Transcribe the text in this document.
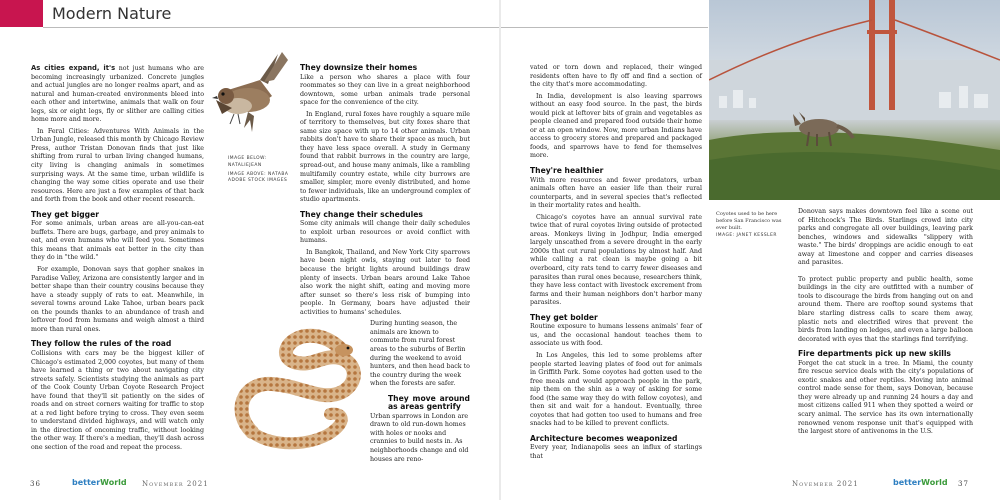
Modern Nature
IMAGE BELOW: NATALIEJEAN
IMAGE ABOVE: NATABA ADOBE STOCK IMAGES

As cities expand, it's not just humans who are becoming increasingly urbanized. Concrete jungles and actual jungles are no longer realms apart, and as natural and human-created environments bleed into each other and intertwine, animals that walk on four legs, six or eight legs, fly or slither are calling cities home more and more.

In Feral Cities: Adventures With Animals in the Urban Jungle, released this month by Chicago Review Press, author Tristan Donovan finds that just like shifting from rural to urban living changed humans, city living is changing animals in sometimes surprising ways. At the same time, urban wildlife is changing the way some cities operate and use their resources. Here are just a few examples of that back and forth from the book and other recent research.

They get bigger

For some animals, urban areas are all-you-can-eat buffets. There are bugs, garbage, and prey animals to eat, and even humans who will feed you. Sometimes this means that animals eat better in the city than they do in "the wild."

For example, Donovan says that gopher snakes in Paradise Valley, Arizona are consistently larger and in better shape than their country cousins because they have a steady supply of rats to eat. Meanwhile, in several towns around Lake Tahoe, urban bears pack on the pounds thanks to an abundance of trash and leftover food from humans and weigh almost a third more than rural ones.

They follow the rules of the road

Collisions with cars may be the biggest killer of Chicago's estimated 2,000 coyotes, but many of them have learned a thing or two about navigating city streets safely. Scientists studying the animals as part of the Cook County Urban Coyote Research Project have found that they'll sit patiently on the sides of roads and on street corners waiting for traffic to stop at a red light before trying to cross. They even seem to understand divided highways, and will watch only in the direction of oncoming traffic, without looking the other way. If there's a median, they'll dash across one section of the road and repeat the process.

They downsize their homes

Like a person who shares a place with four roommates so they can live in a great neighborhood downtown, some urban animals trade personal space for the convenience of the city.

In England, rural foxes have roughly a square mile of territory to themselves, but city foxes share that same size space with up to 14 other animals. Urban rabbits don't have to share their space as much, but they have less space overall. A study in Germany found that rabbit burrows in the country are large, spread-out, and house many animals, like a rambling multifamily country estate, while city burrows are smaller, simpler, more evenly distributed, and home to fewer individuals, like an underground complex of studio apartments.

They change their schedules

Some city animals will change their daily schedules to exploit urban resources or avoid conflict with humans.

In Bangkok, Thailand, and New York City sparrows have been night owls, staying out later to feed because the bright lights around buildings draw plenty of insects. Urban bears around Lake Tahoe also work the night shift, eating and moving more after sunset so there's less risk of bumping into people. In Germany, boars have adjusted their activities to humans' schedules.

During hunting season, the animals are known to commute from rural forest areas to the suburbs of Berlin during the weekend to avoid hunters, and then head back to the country during the week when the forests are safer.

They move around as areas gentrify

Urban sparrows in London are drawn to old run-down homes with holes or nooks and crannies to build nests in. As neighborhoods change and old houses are reno-

Coyotes used to be here before San Francisco was ever built.
IMAGE: JANET KESSLER

vated or torn down and replaced, their winged residents often have to fly off and find a section of the city that's more accommodating.

In India, development is also leaving sparrows without an easy food source. In the past, the birds would pick at leftover bits of grain and vegetables as people cleaned and prepared food outside their home or at an open window. Now, more urban Indians have access to grocery stores and prepared and packaged foods, and sparrows have to fend for themselves more.

They're healthier

With more resources and fewer predators, urban animals often have an easier life than their rural counterparts, and in several species that's reflected in their mortality rates and health.

Chicago's coyotes have an annual survival rate twice that of rural coyotes living outside of protected areas. Monkeys living in Jodhpur, India emerged largely unscathed from a severe drought in the early 2000s that cut rural populations by almost half. And while calling a rat clean is maybe going a bit overboard, city rats tend to carry fewer diseases and parasites than rural ones because, researchers think, they have less contact with livestock excrement from farms and their human neighbors don't harbor many parasites.

They get bolder

Routine exposure to humans lessens animals' fear of us, and the occasional handout teaches them to associate us with food.

In Los Angeles, this led to some problems after people started leaving plates of food out for animals in Griffith Park. Some coyotes had gotten used to the free meals and would approach people in the park, nip them on the shin as a way of asking for some food (the same way they do with fellow coyotes), and then sit and wait for a handout. Eventually, three coyotes that had gotten too used to humans and free snacks had to be killed to prevent conflicts.

Architecture becomes weaponized

Every year, Indianapolis sees an influx of starlings that

Donovan says makes downtown feel like a scene out of Hitchcock's The Birds. Starlings crowd into city parks and congregate all over buildings, leaving park benches, windows and sidewalks "slippery with waste." The birds' droppings are acidic enough to eat away at limestone and copper and carries diseases and parasites.

To protect public property and public health, some buildings in the city are outfitted with a number of tools to discourage the birds from hanging out on and around them. There are rooftop sound systems that blare starling distress calls to scare them away, plastic nets and electrified wires that prevent the birds from landing on ledges, and even a large balloon decorated with eyes that the starlings find terrifying.

Fire departments pick up new skills

Forget the cat stuck in a tree. In Miami, the county fire rescue service deals with the city's populations of exotic snakes and other reptiles. Moving into animal control made sense for them, says Donovan, because they were already up and running 24 hours a day and most citizens called 911 when they spotted a weird or scary animal. The service has its own internationally renowned venom response unit that's equipped with the largest store of antivenoms in the U.S.

36	betterWorld November 2021	November 2021	betterWorld 37
